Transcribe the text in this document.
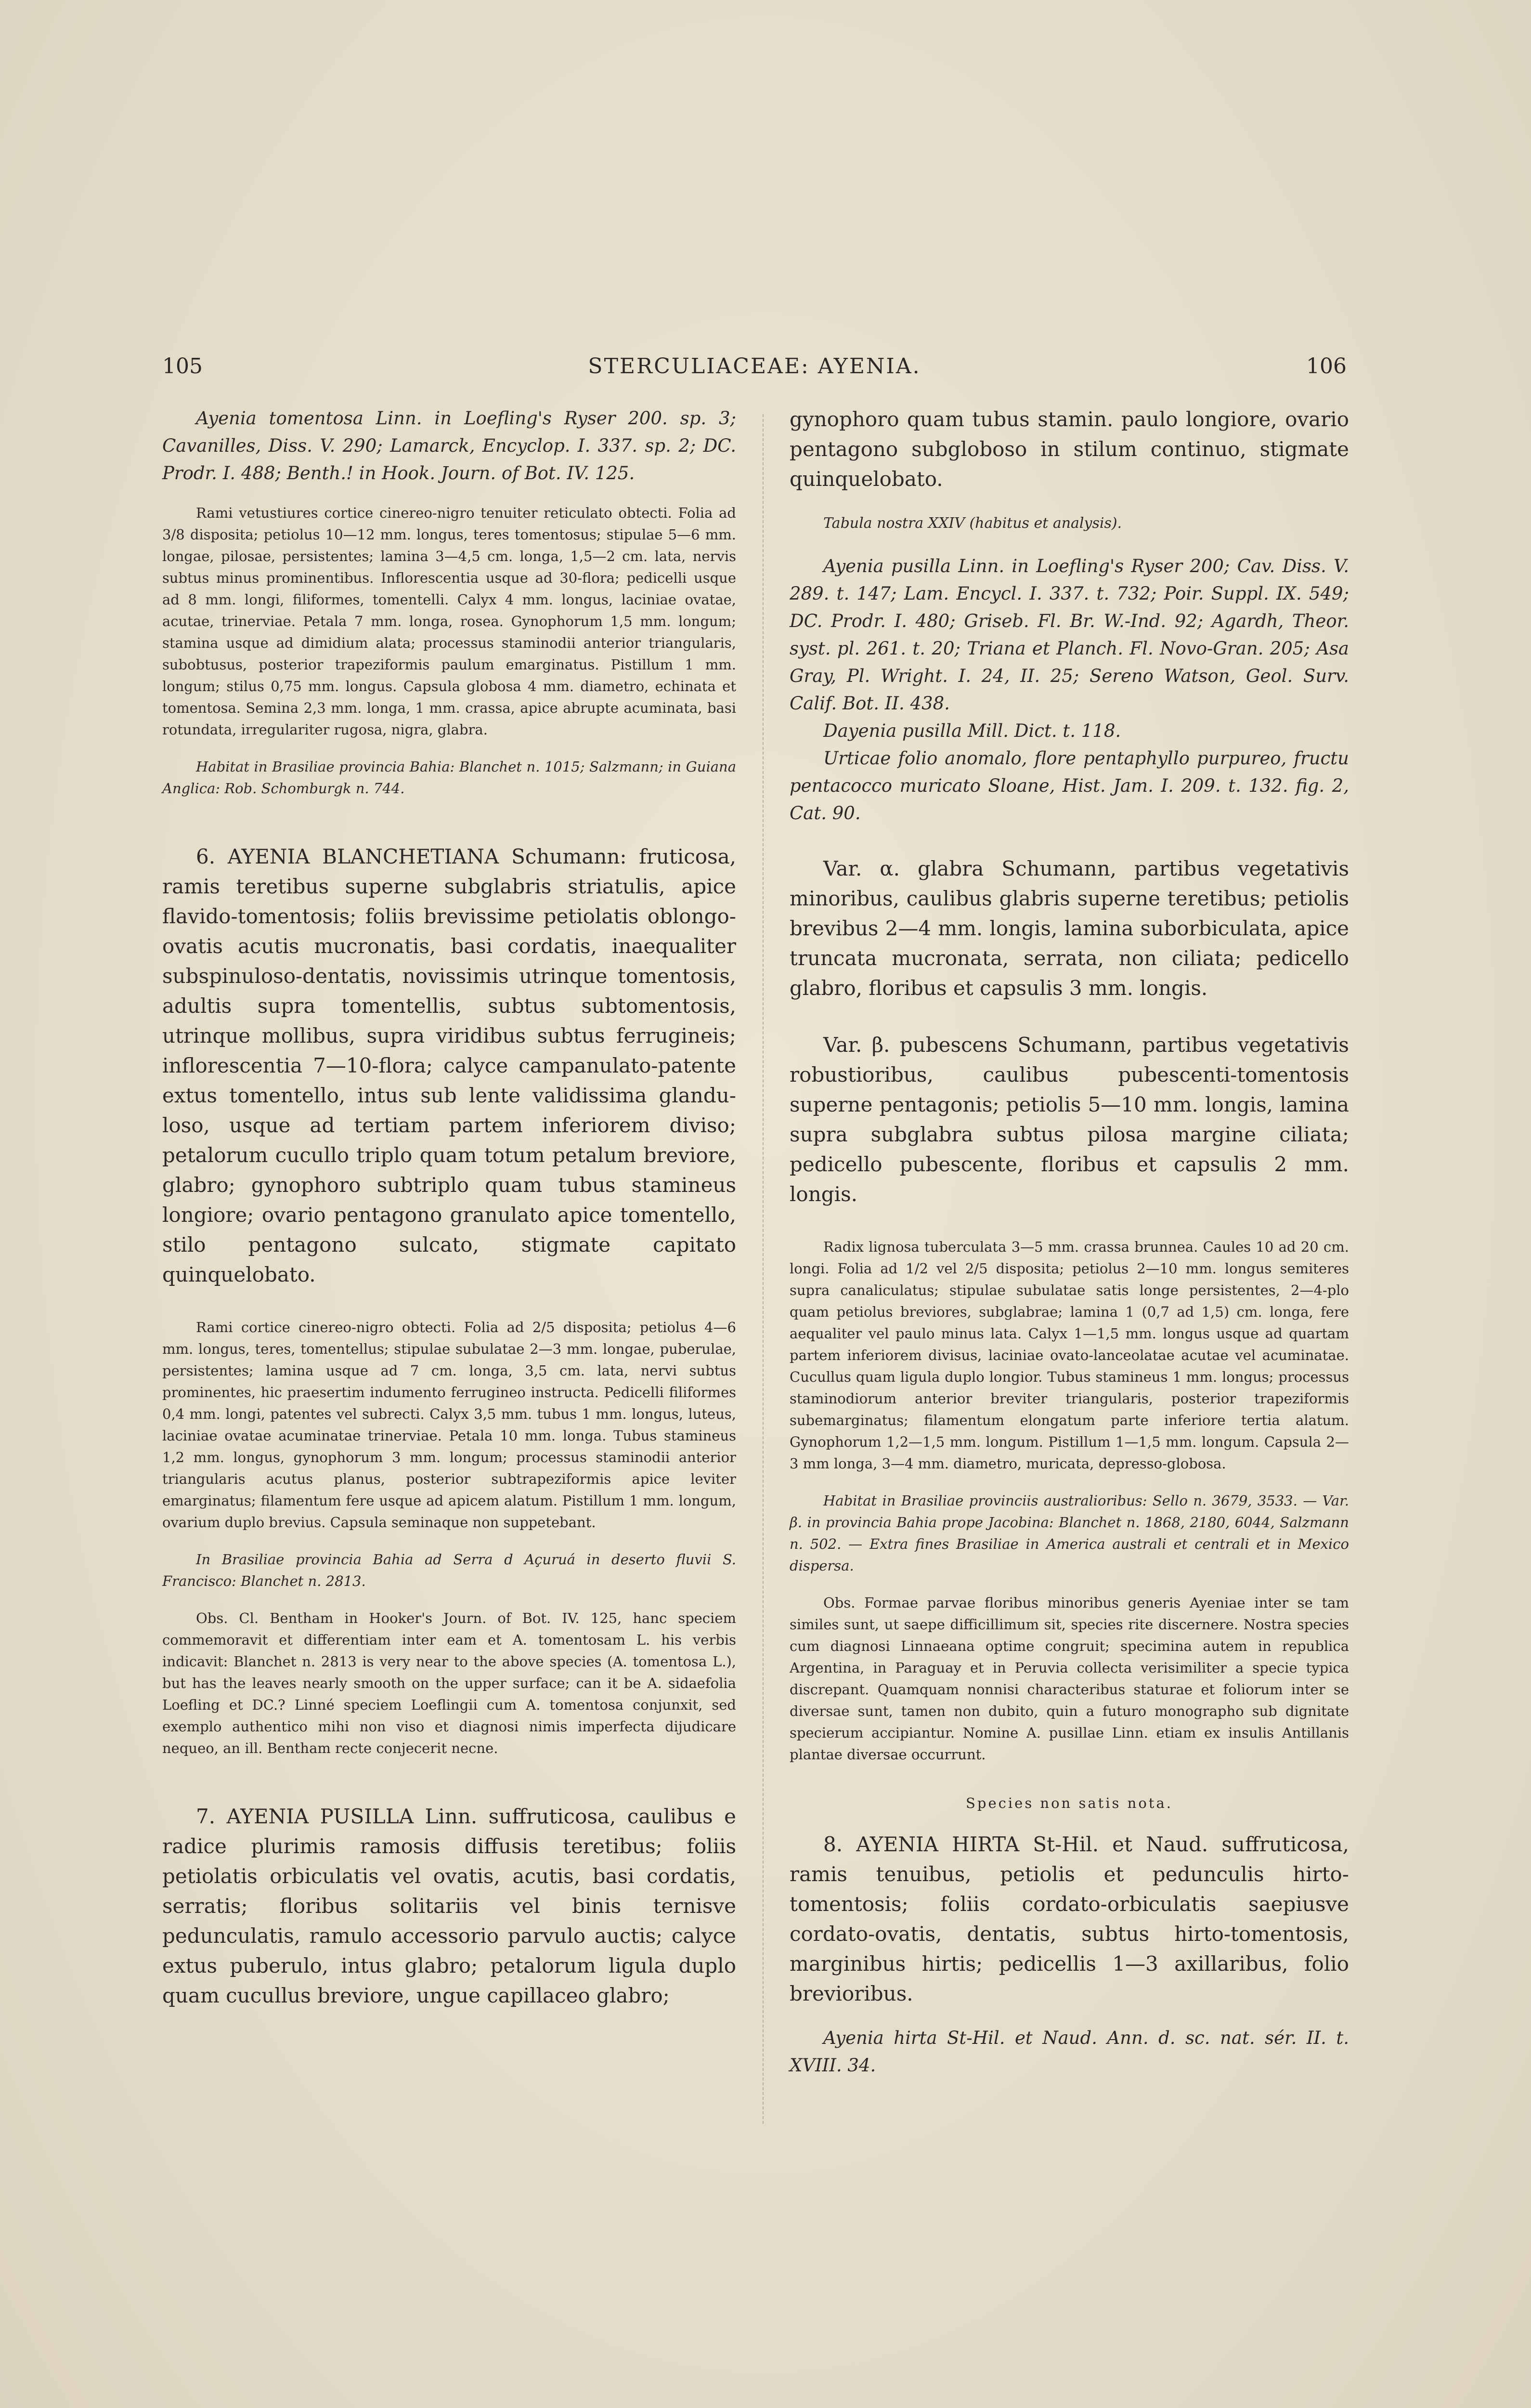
STERCULIACEAE: AYENIA.
105	106

Ayenia tomentosa Linn. in Loefling's Ryser 200. sp. 3; Cavanilles, Diss. V. 290; Lamarck, Encyclop. I. 337. sp. 2; DC. Prodr. I. 488; Benth.! in Hook. Journ. of Bot. IV. 125.

Rami vetustiures cortice cinereo-nigro tenuiter reticulato obtecti. Folia ad 3/8 disposita; petiolus 10—12 mm. longus, teres tomentosus; stipulae 5—6 mm. longae, pilosae, persistentes; lamina 3—4,5 cm. longa, 1,5—2 cm. lata, nervis subtus minus prominentibus. Inflorescentia usque ad 30-flora; pedicelli usque ad 8 mm. longi, filiformes, tomentelli. Calyx 4 mm. longus, laciniae ovatae, acutae, trinerviae. Petala 7 mm. longa, rosea. Gynophorum 1,5 mm. longum; stamina usque ad dimidium alata; processus staminodii anterior triangularis, subobtusus, posterior trapeziformis paulum emarginatus. Pistillum 1 mm. longum; stilus 0,75 mm. longus. Capsula globosa 4 mm. diametro, echinata et tomentosa. Semina 2,3 mm. longa, 1 mm. crassa, apice abrupte acuminata, basi rotundata, irregulariter rugosa, nigra, glabra.

Habitat in Brasiliae provincia Bahia: Blanchet n. 1015; Salzmann; in Guiana Anglica: Rob. Schomburgk n. 744.

6. AYENIA BLANCHETIANA Schumann: fruticosa, ramis teretibus superne subglabris striatulis, apice flavido-tomentosis; foliis brevissime petiolatis oblongo-ovatis acutis mucronatis, basi cordatis, inaequaliter subspinuloso-dentatis, novissimis utrinque tomentosis, adultis supra tomentellis, subtus subtomentosis, utrinque mollibus, supra viridibus subtus ferrugineis; inflorescentia 7—10-flora; calyce campanulato-patente extus tomentello, intus sub lente validissima glandu-loso, usque ad tertiam partem inferiorem diviso; petalorum cucullo triplo quam totum petalum breviore, glabro; gynophoro subtriplo quam tubus stamineus longiore; ovario pentagono granulato apice tomentello, stilo pentagono sulcato, stigmate capitato quinquelobato.

Rami cortice cinereo-nigro obtecti. Folia ad 2/5 disposita; petiolus 4—6 mm. longus, teres, tomentellus; stipulae subulatae 2—3 mm. longae, puberulae, persistentes; lamina usque ad 7 cm. longa, 3,5 cm. lata, nervi subtus prominentes, hic praesertim indumento ferrugineo instructa. Pedicelli filiformes 0,4 mm. longi, patentes vel subrecti. Calyx 3,5 mm. tubus 1 mm. longus, luteus, laciniae ovatae acuminatae trinerviae. Petala 10 mm. longa. Tubus stamineus 1,2 mm. longus, gynophorum 3 mm. longum; processus staminodii anterior triangularis acutus planus, posterior subtrapeziformis apice leviter emarginatus; filamentum fere usque ad apicem alatum. Pistillum 1 mm. longum, ovarium duplo brevius. Capsula seminaque non suppetebant.

In Brasiliae provincia Bahia ad Serra d Açuruá in deserto fluvii S. Francisco: Blanchet n. 2813.

Obs. Cl. Bentham in Hooker's Journ. of Bot. IV. 125, hanc speciem commemoravit et differentiam inter eam et A. tomentosam L. his verbis indicavit: Blanchet n. 2813 is very near to the above species (A. tomentosa L.), but has the leaves nearly smooth on the upper surface; can it be A. sidaefolia Loefling et DC.? Linné speciem Loeflingii cum A. tomentosa conjunxit, sed exemplo authentico mihi non viso et diagnosi nimis imperfecta dijudicare nequeo, an ill. Bentham recte conjecerit necne.

7. AYENIA PUSILLA Linn. suffruticosa, caulibus e radice plurimis ramosis diffusis teretibus; foliis petiolatis orbiculatis vel ovatis, acutis, basi cordatis, serratis; floribus solitariis vel binis ternisve pedunculatis, ramulo accessorio parvulo auctis; calyce extus puberulo, intus glabro; petalorum ligula duplo quam cucullus breviore, ungue capillaceo glabro;

gynophoro quam tubus stamin. paulo longiore, ovario pentagono subgloboso in stilum continuo, stigmate quinquelobato.

Tabula nostra XXIV (habitus et analysis).

Ayenia pusilla Linn. in Loefling's Ryser 200; Cav. Diss. V. 289. t. 147; Lam. Encycl. I. 337. t. 732; Poir. Suppl. IX. 549; DC. Prodr. I. 480; Griseb. Fl. Br. W.-Ind. 92; Agardh, Theor. syst. pl. 261. t. 20; Triana et Planch. Fl. Novo-Gran. 205; Asa Gray, Pl. Wright. I. 24, II. 25; Sereno Watson, Geol. Surv. Calif. Bot. II. 438.

Dayenia pusilla Mill. Dict. t. 118.

Urticae folio anomalo, flore pentaphyllo purpureo, fructu pentacocco muricato Sloane, Hist. Jam. I. 209. t. 132. fig. 2, Cat. 90.

Var. α. glabra Schumann, partibus vegetativis minoribus, caulibus glabris superne teretibus; petiolis brevibus 2—4 mm. longis, lamina suborbiculata, apice truncata mucronata, serrata, non ciliata; pedicello glabro, floribus et capsulis 3 mm. longis.

Var. β. pubescens Schumann, partibus vegetativis robustioribus, caulibus pubescenti-tomentosis superne pentagonis; petiolis 5—10 mm. longis, lamina supra subglabra subtus pilosa margine ciliata; pedicello pubescente, floribus et capsulis 2 mm. longis.

Radix lignosa tuberculata 3—5 mm. crassa brunnea. Caules 10 ad 20 cm. longi. Folia ad 1/2 vel 2/5 disposita; petiolus 2—10 mm. longus semiteres supra canaliculatus; stipulae subulatae satis longe persistentes, 2—4-plo quam petiolus breviores, subglabrae; lamina 1 (0,7 ad 1,5) cm. longa, fere aequaliter vel paulo minus lata. Calyx 1—1,5 mm. longus usque ad quartam partem inferiorem divisus, laciniae ovato-lanceolatae acutae vel acuminatae. Cucullus quam ligula duplo longior. Tubus stamineus 1 mm. longus; processus staminodiorum anterior breviter triangularis, posterior trapeziformis subemarginatus; filamentum elongatum parte inferiore tertia alatum. Gynophorum 1,2—1,5 mm. longum. Pistillum 1—1,5 mm. longum. Capsula 2—3 mm longa, 3—4 mm. diametro, muricata, depresso-globosa.

Habitat in Brasiliae provinciis australioribus: Sello n. 3679, 3533. — Var. β. in provincia Bahia prope Jacobina: Blanchet n. 1868, 2180, 6044, Salzmann n. 502. — Extra fines Brasiliae in America australi et centrali et in Mexico dispersa.

Obs. Formae parvae floribus minoribus generis Ayeniae inter se tam similes sunt, ut saepe difficillimum sit, species rite discernere. Nostra species cum diagnosi Linnaeana optime congruit; specimina autem in republica Argentina, in Paraguay et in Peruvia collecta verisimiliter a specie typica discrepant. Quamquam nonnisi characteribus staturae et foliorum inter se diversae sunt, tamen non dubito, quin a futuro monographo sub dignitate specierum accipiantur. Nomine A. pusillae Linn. etiam ex insulis Antillanis plantae diversae occurrunt.

Species non satis nota.

8. AYENIA HIRTA St-Hil. et Naud. suffruticosa, ramis tenuibus, petiolis et pedunculis hirto-tomentosis; foliis cordato-orbiculatis saepiusve cordato-ovatis, dentatis, subtus hirto-tomentosis, marginibus hirtis; pedicellis 1—3 axillaribus, folio brevioribus.

Ayenia hirta St-Hil. et Naud. Ann. d. sc. nat. sér. II. t. XVIII. 34.
